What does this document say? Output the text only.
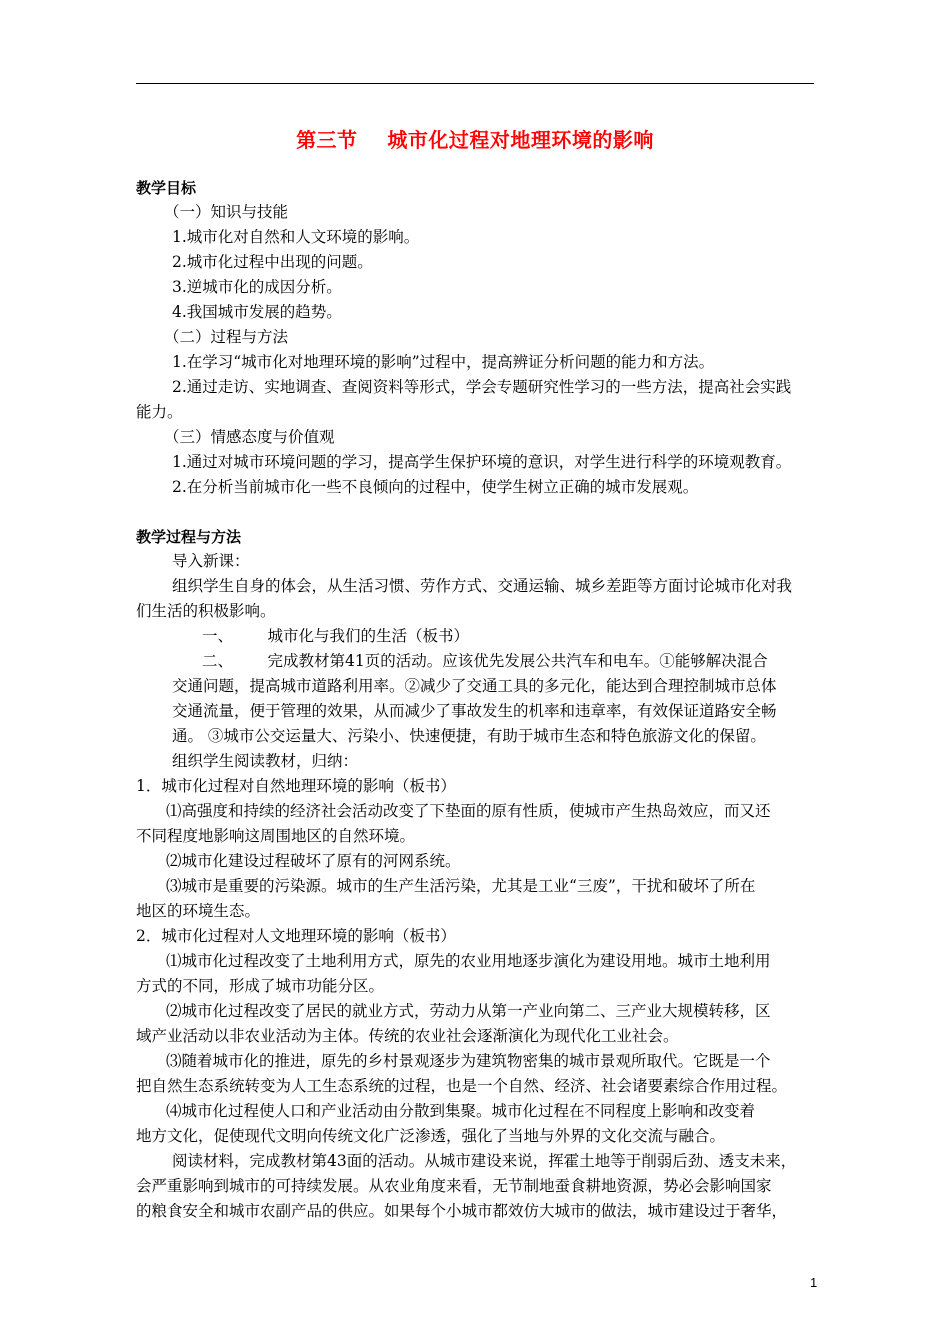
第三节    城市化过程对地理环境的影响
教学目标
（一）知识与技能
1.城市化对自然和人文环境的影响。
2.城市化过程中出现的问题。
3.逆城市化的成因分析。
4.我国城市发展的趋势。
（二）过程与方法
1.在学习“城市化对地理环境的影响”过程中，提高辨证分析问题的能力和方法。
2.通过走访、实地调查、查阅资料等形式，学会专题研究性学习的一些方法，提高社会实践
能力。
（三）情感态度与价值观
1.通过对城市环境问题的学习，提高学生保护环境的意识，对学生进行科学的环境观教育。
2.在分析当前城市化一些不良倾向的过程中，使学生树立正确的城市发展观。
教学过程与方法
导入新课：
组织学生自身的体会，从生活习惯、劳作方式、交通运输、城乡差距等方面讨论城市化对我
们生活的积极影响。
一、       城市化与我们的生活（板书）
二、       完成教材第41页的活动。应该优先发展公共汽车和电车。①能够解决混合
交通问题，提高城市道路利用率。②减少了交通工具的多元化，能达到合理控制城市总体
交通流量，便于管理的效果，从而减少了事故发生的机率和违章率，有效保证道路安全畅
通。 ③城市公交运量大、污染小、快速便捷，有助于城市生态和特色旅游文化的保留。
组织学生阅读教材，归纳：
1．城市化过程对自然地理环境的影响（板书）
⑴高强度和持续的经济社会活动改变了下垫面的原有性质，使城市产生热岛效应，而又还
不同程度地影响这周围地区的自然环境。
⑵城市化建设过程破坏了原有的河网系统。
⑶城市是重要的污染源。城市的生产生活污染，尤其是工业“三废”，干扰和破坏了所在
地区的环境生态。
2．城市化过程对人文地理环境的影响（板书）
⑴城市化过程改变了土地利用方式，原先的农业用地逐步演化为建设用地。城市土地利用
方式的不同，形成了城市功能分区。
⑵城市化过程改变了居民的就业方式，劳动力从第一产业向第二、三产业大规模转移，区
域产业活动以非农业活动为主体。传统的农业社会逐渐演化为现代化工业社会。
⑶随着城市化的推进，原先的乡村景观逐步为建筑物密集的城市景观所取代。它既是一个
把自然生态系统转变为人工生态系统的过程，也是一个自然、经济、社会诸要素综合作用过程。
⑷城市化过程使人口和产业活动由分散到集聚。城市化过程在不同程度上影响和改变着
地方文化，促使现代文明向传统文化广泛渗透，强化了当地与外界的文化交流与融合。
阅读材料，完成教材第43面的活动。从城市建设来说，挥霍土地等于削弱后劲、透支未来，
会严重影响到城市的可持续发展。从农业角度来看，无节制地蚕食耕地资源，势必会影响国家
的粮食安全和城市农副产品的供应。如果每个小城市都效仿大城市的做法，城市建设过于奢华，
1
